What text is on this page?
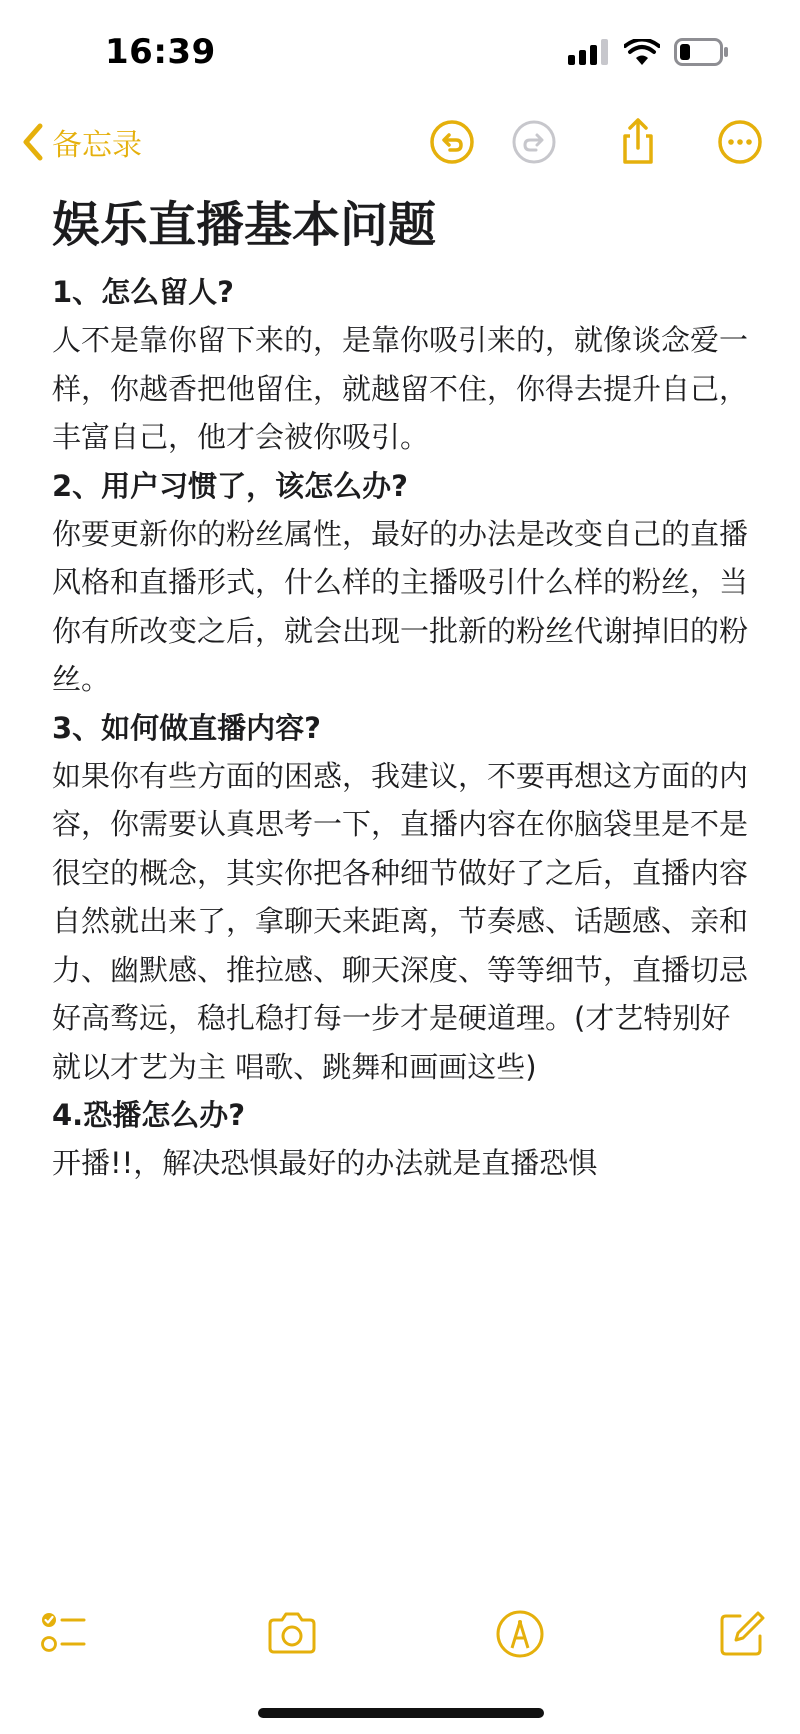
16:39
备忘录
娱乐直播基本问题

1、怎么留人?

人不是靠你留下来的，是靠你吸引来的，就像谈念爱一样，你越香把他留住，就越留不住，你得去提升自己，丰富自己，他才会被你吸引。

2、用户习惯了，该怎么办?

你要更新你的粉丝属性，最好的办法是改变自己的直播风格和直播形式，什么样的主播吸引什么样的粉丝，当你有所改变之后，就会出现一批新的粉丝代谢掉旧的粉丝。

3、如何做直播内容?

如果你有些方面的困惑，我建议，不要再想这方面的内容，你需要认真思考一下，直播内容在你脑袋里是不是很空的概念，其实你把各种细节做好了之后，直播内容自然就出来了，拿聊天来距离，节奏感、话题感、亲和力、幽默感、推拉感、聊天深度、等等细节，直播切忌好高骛远，稳扎稳打每一步才是硬道理。(才艺特别好就以才艺为主 唱歌、跳舞和画画这些)

4.恐播怎么办?

开播!!，解决恐惧最好的办法就是直播恐惧
